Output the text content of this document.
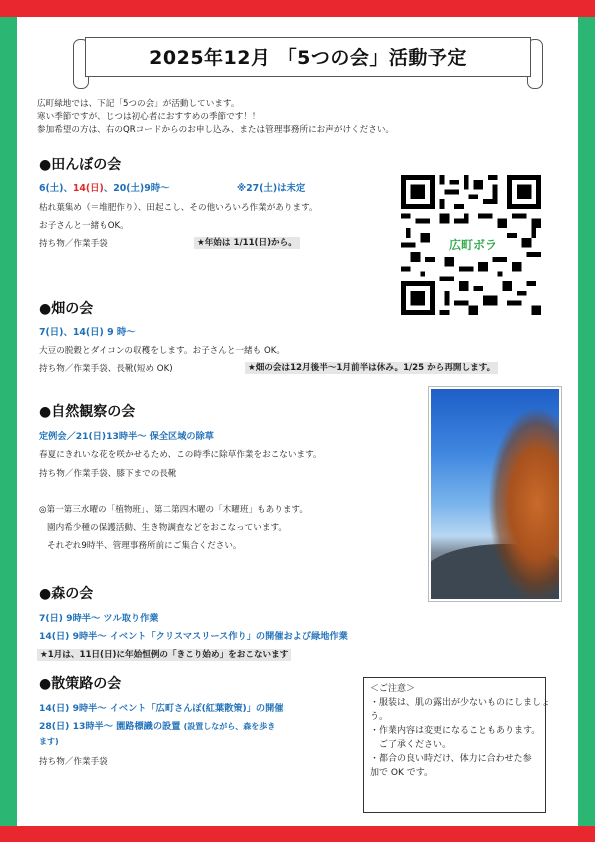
2025年12月 「5つの会」活動予定
広町緑地では、下記「5つの会」が活動しています。
寒い季節ですが、じつは初心者におすすめの季節です！！
参加希望の方は、右のQRコードからのお申し込み、または管理事務所にお声がけください。
●田んぼの会
6(土)、14(日)、20(土)9時～	※27(土)は未定
枯れ葉集め（＝堆肥作り）、田起こし、その他いろいろ作業があります。
お子さんと一緒もOK。
持ち物／作業手袋	★年始は 1/11(日)から。	広町ボラ
●畑の会
7(日)、14(日) 9 時～
大豆の脱穀とダイコンの収穫をします。お子さんと一緒も OK。
持ち物／作業手袋、長靴(短め OK)	★畑の会は12月後半～1月前半は休み。1/25 から再開します。
●自然観察の会
定例会／21(日)13時半～ 保全区域の除草
春夏にきれいな花を咲かせるため、この時季に除草作業をおこないます。
持ち物／作業手袋、膝下までの長靴
◎第一第三水曜の「植物班」、第二第四木曜の「木曜班」もあります。
園内希少種の保護活動、生き物調査などをおこなっています。
それぞれ9時半、管理事務所前にご集合ください。
●森の会
7(日) 9時半～ ツル取り作業
14(日) 9時半～ イベント「クリスマスリース作り」の開催および緑地作業
★1月は、11日(日)に年始恒例の「きこり始め」をおこないます
●散策路の会
14(日) 9時半～ イベント「広町さんぽ(紅葉散策)」の開催
28(日) 13時半～ 園路標識の設置 (設置しながら、森を歩き
ます)
持ち物／作業手袋
＜ご注意＞
・服装は、肌の露出が少ないものにしましょ
う。
・作業内容は変更になることもあります。
　ご了承ください。
・都合の良い時だけ、体力に合わせた参
加で OK です。
